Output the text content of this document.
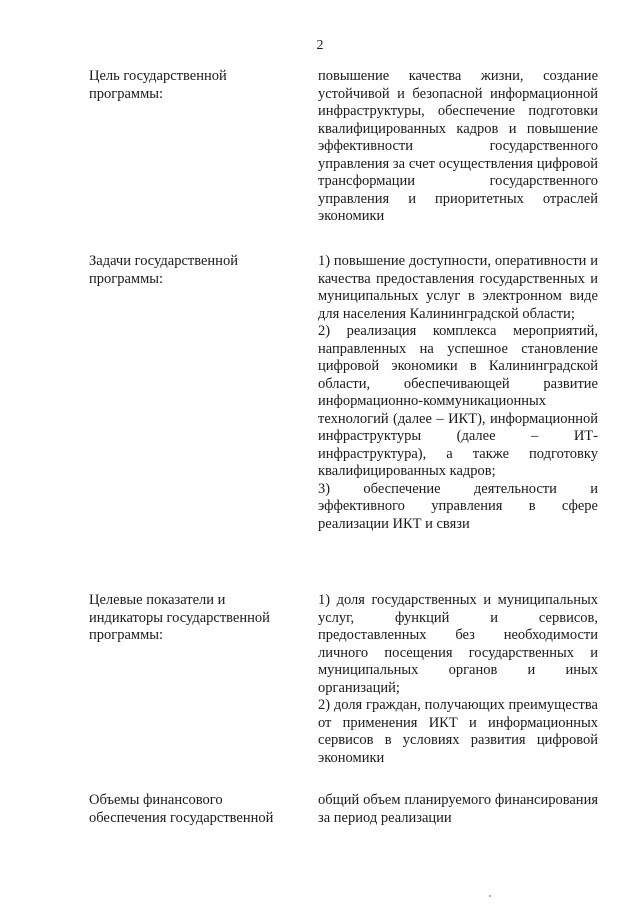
2
Цель государственной
программы:

повышение качества жизни, создание устойчивой и безопасной информационной инфраструктуры, обеспечение подготовки квалифицированных кадров и повышение эффективности государственного управления за счет осуществления цифровой трансформации государственного управления и приоритетных отраслей экономики

Задачи государственной
программы:

1) повышение доступности, оперативности и качества предоставления государственных и муниципальных услуг в электронном виде для населения Калининградской области;

2) реализация комплекса мероприятий, направленных на успешное становление цифровой экономики в Калининградской области, обеспечивающей развитие информационно-коммуникационных технологий (далее – ИКТ), информационной инфраструктуры (далее – ИТ-инфраструктура), а также подготовку квалифицированных кадров;

3) обеспечение деятельности и эффективного управления в сфере реализации ИКТ и связи

Целевые показатели и
индикаторы государственной
программы:

1) доля государственных и муниципальных услуг, функций и сервисов, предоставленных без необходимости личного посещения государственных и муниципальных органов и иных организаций;

2) доля граждан, получающих преимущества от применения ИКТ и информационных сервисов в условиях развития цифровой экономики

Объемы финансового
обеспечения государственной

общий объем планируемого финансирования за период реализации
